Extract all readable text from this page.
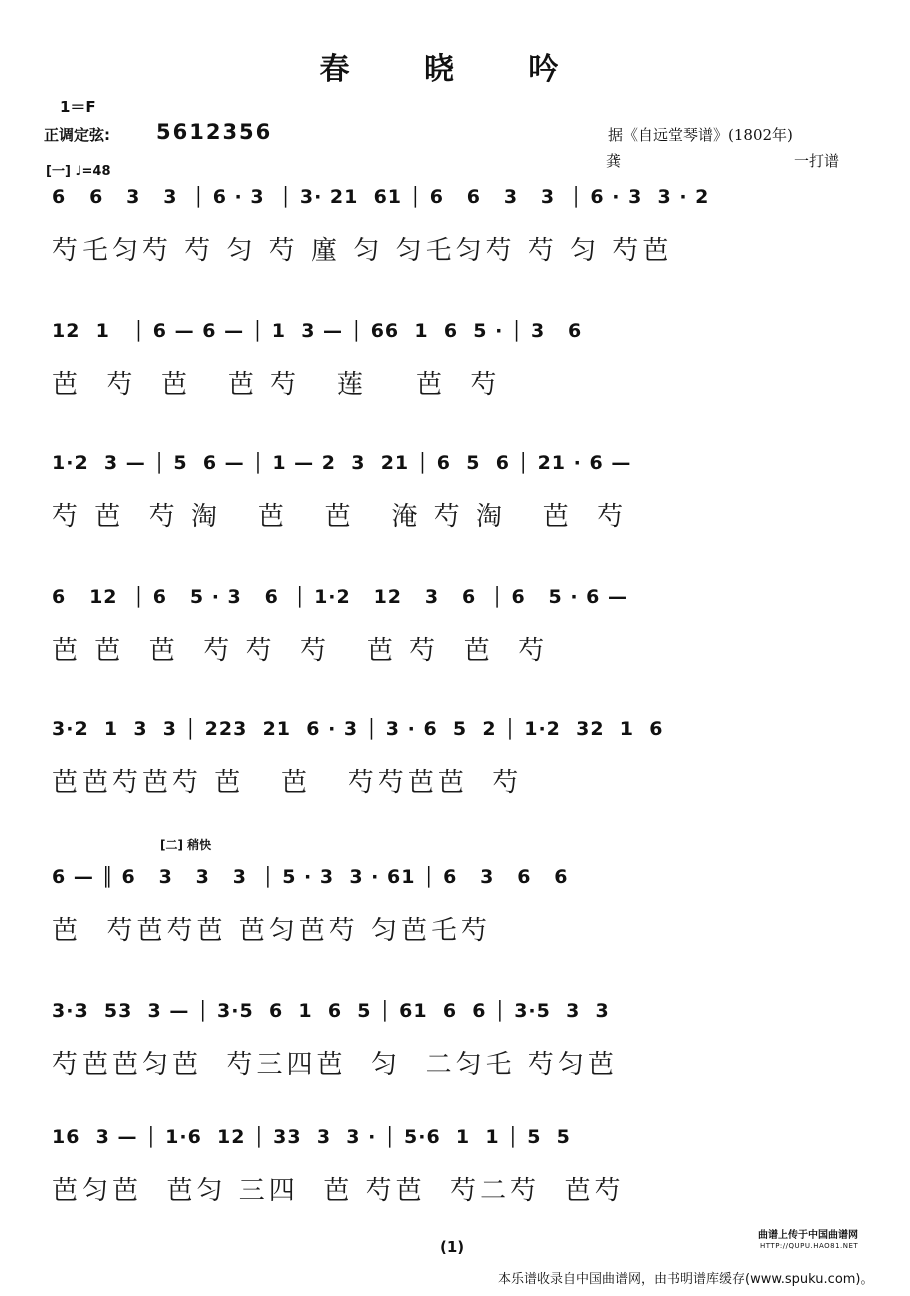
春 晓 吟
1＝F
正调定弦: 5612356
[一] ♩=48
据《自远堂琴谱》(1802年)
龚	一打谱
6   6   3   3  │ 6 · 3  │ 3· 21  61 │ 6   6   3   3  │ 6 · 3  3 · 2
芍乇匀芍 芍 匀 芍 廑 匀 匀乇匀芍 芍 匀 芍芭
12  1   │ 6 — 6 — │ 1  3 — │ 66  1  6  5 · │ 3   6
芭  芍  芭   芭 芍   莲    芭  芍
1·2  3 — │ 5  6 — │ 1 — 2  3  21 │ 6  5  6 │ 21 · 6 —
芍 芭  芍 淘   芭   芭   淹 芍 淘   芭  芍
6   12  │ 6   5 · 3   6  │ 1·2   12   3   6  │ 6   5 · 6 —
芭 芭  芭  芍 芍  芍   芭 芍  芭  芍
3·2  1  3  3 │ 223  21  6 · 3 │ 3 · 6  5  2 │ 1·2  32  1  6
芭芭芍芭芍 芭   芭   芍芍芭芭  芍
[二] 稍快
6 — ║ 6   3   3   3  │ 5 · 3  3 · 61 │ 6   3   6   6
芭  芍芭芍芭 芭匀芭芍 匀芭乇芍
3·3  53  3 — │ 3·5  6  1  6  5 │ 61  6  6 │ 3·5  3  3
芍芭芭匀芭  芍三四芭  匀  二匀乇 芍匀芭
16  3 — │ 1·6  12 │ 33  3  3 · │ 5·6  1  1 │ 5  5
芭匀芭  芭匀 三四  芭 芍芭  芍二芍  芭芍
(1)
曲谱上传于中国曲谱网
HTTP://QUPU.HAO81.NET
本乐谱收录自中国曲谱网，由书明谱库缓存(www.spuku.com)。
